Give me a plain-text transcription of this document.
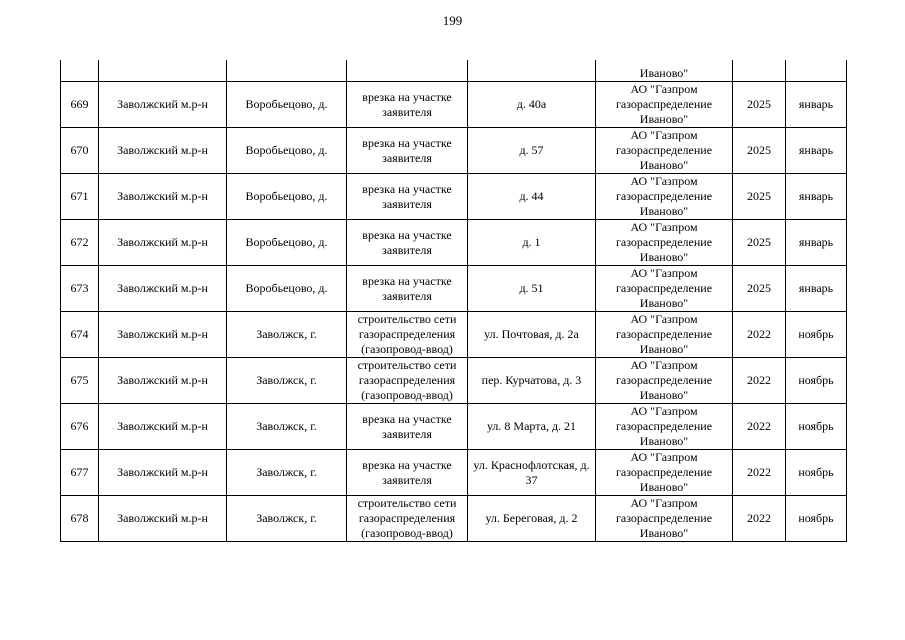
199
					Иваново"		
669	Заволжский м.р-н	Воробьецово, д.	врезка на участке заявителя	д. 40а	АО "Газпром газораспределение Иваново"	2025	январь
670	Заволжский м.р-н	Воробьецово, д.	врезка на участке заявителя	д. 57	АО "Газпром газораспределение Иваново"	2025	январь
671	Заволжский м.р-н	Воробьецово, д.	врезка на участке заявителя	д. 44	АО "Газпром газораспределение Иваново"	2025	январь
672	Заволжский м.р-н	Воробьецово, д.	врезка на участке заявителя	д. 1	АО "Газпром газораспределение Иваново"	2025	январь
673	Заволжский м.р-н	Воробьецово, д.	врезка на участке заявителя	д. 51	АО "Газпром газораспределение Иваново"	2025	январь
674	Заволжский м.р-н	Заволжск, г.	строительство сети газораспределения (газопровод-ввод)	ул. Почтовая, д. 2а	АО "Газпром газораспределение Иваново"	2022	ноябрь
675	Заволжский м.р-н	Заволжск, г.	строительство сети газораспределения (газопровод-ввод)	пер. Курчатова, д. 3	АО "Газпром газораспределение Иваново"	2022	ноябрь
676	Заволжский м.р-н	Заволжск, г.	врезка на участке заявителя	ул. 8 Марта, д. 21	АО "Газпром газораспределение Иваново"	2022	ноябрь
677	Заволжский м.р-н	Заволжск, г.	врезка на участке заявителя	ул. Краснофлотская, д. 37	АО "Газпром газораспределение Иваново"	2022	ноябрь
678	Заволжский м.р-н	Заволжск, г.	строительство сети газораспределения (газопровод-ввод)	ул. Береговая, д. 2	АО "Газпром газораспределение Иваново"	2022	ноябрь
